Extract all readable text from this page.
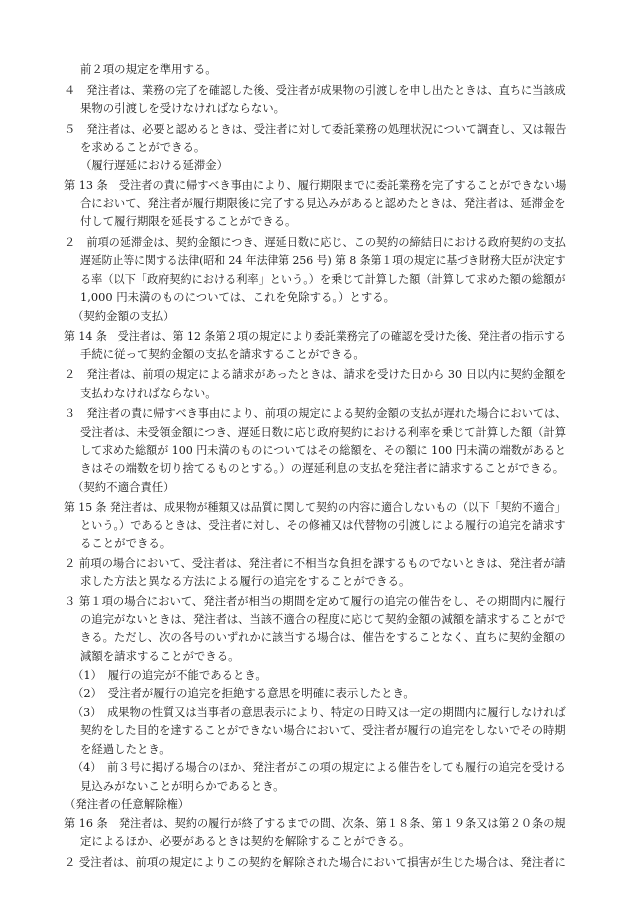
前２項の規定を準用する。
４　発注者は、業務の完了を確認した後、受注者が成果物の引渡しを申し出たときは、直ちに当該成
果物の引渡しを受けなければならない。
５　発注者は、必要と認めるときは、受注者に対して委託業務の処理状況について調査し、又は報告
を求めることができる。
（履行遅延における延滞金）
第 13 条　受注者の責に帰すべき事由により、履行期限までに委託業務を完了することができない場
合において、発注者が履行期限後に完了する見込みがあると認めたときは、発注者は、延滞金を
付して履行期限を延長することができる。
２　前項の延滞金は、契約金額につき、遅延日数に応じ、この契約の締結日における政府契約の支払
遅延防止等に関する法律(昭和 24 年法律第 256 号) 第 8 条第１項の規定に基づき財務大臣が決定す
る率（以下「政府契約における利率」という。）を乗じて計算した額（計算して求めた額の総額が
1,000 円未満のものについては、これを免除する。）とする。
（契約金額の支払）
第 14 条　受注者は、第 12 条第２項の規定により委託業務完了の確認を受けた後、発注者の指示する
手続に従って契約金額の支払を請求することができる。
２　発注者は、前項の規定による請求があったときは、請求を受けた日から 30 日以内に契約金額を
支払わなければならない。
３　発注者の責に帰すべき事由により、前項の規定による契約金額の支払が遅れた場合においては、
受注者は、未受領金額につき、遅延日数に応じ政府契約における利率を乗じて計算した額（計算
して求めた総額が 100 円未満のものについてはその総額を、その額に 100 円未満の端数があると
きはその端数を切り捨てるものとする。）の遅延利息の支払を発注者に請求することができる。
（契約不適合責任）
第 15 条 発注者は、成果物が種類又は品質に関して契約の内容に適合しないもの（以下「契約不適合」
という。）であるときは、受注者に対し、その修補又は代替物の引渡しによる履行の追完を請求す
ることができる。
２ 前項の場合において、受注者は、発注者に不相当な負担を課するものでないときは、発注者が請
求した方法と異なる方法による履行の追完をすることができる。
３ 第１項の場合において、発注者が相当の期間を定めて履行の追完の催告をし、その期間内に履行
の追完がないときは、発注者は、当該不適合の程度に応じて契約金額の減額を請求することがで
きる。ただし、次の各号のいずれかに該当する場合は、催告をすることなく、直ちに契約金額の
減額を請求することができる。
（1）　履行の追完が不能であるとき。
（2）　受注者が履行の追完を拒絶する意思を明確に表示したとき。
（3）　成果物の性質又は当事者の意思表示により、特定の日時又は一定の期間内に履行しなければ
契約をした目的を達することができない場合において、受注者が履行の追完をしないでその時期
を経過したとき。
（4）　前３号に掲げる場合のほか、発注者がこの項の規定による催告をしても履行の追完を受ける
見込みがないことが明らかであるとき。
（発注者の任意解除権）
第 16 条　発注者は、契約の履行が終了するまでの間、次条、第１８条、第１９条又は第２０条の規
定によるほか、必要があるときは契約を解除することができる。
２ 受注者は、前項の規定によりこの契約を解除された場合において損害が生じた場合は、発注者に
